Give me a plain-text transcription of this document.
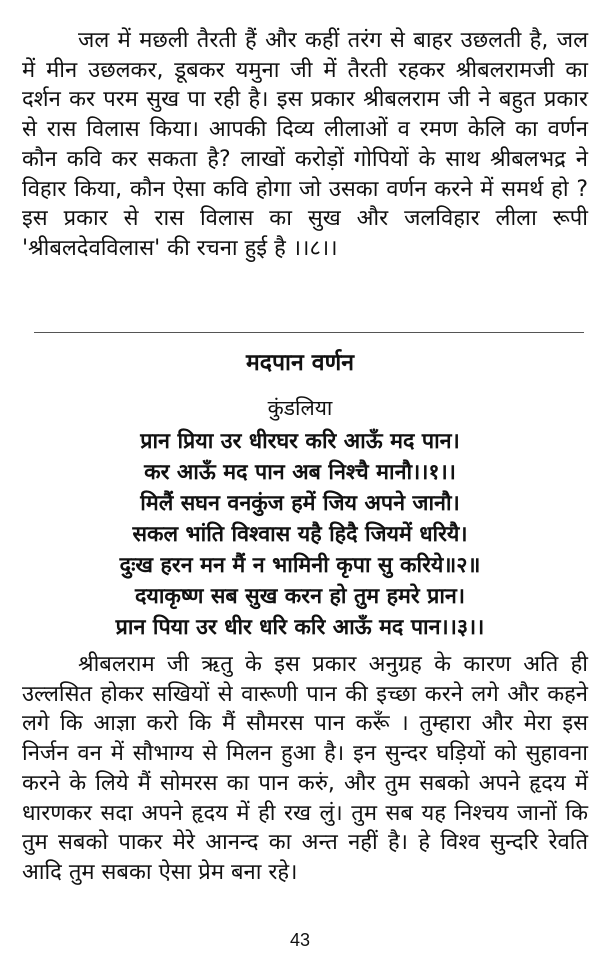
जल में मछली तैरती हैं और कहीं तरंग से बाहर उछलती है, जल में मीन उछलकर, डूबकर यमुना जी में तैरती रहकर श्रीबलरामजी का दर्शन कर परम सुख पा रही है। इस प्रकार श्रीबलराम जी ने बहुत प्रकार से रास विलास किया। आपकी दिव्य लीलाओं व रमण केलि का वर्णन कौन कवि कर सकता है? लाखों करोड़ों गोपियों के साथ श्रीबलभद्र ने विहार किया, कौन ऐसा कवि होगा जो उसका वर्णन करने में समर्थ हो ? इस प्रकार से रास विलास का सुख और जलविहार लीला रूपी 'श्रीबलदेवविलास' की रचना हुई है ।।८।।

मदपान वर्णन
कुंडलिया
प्रान प्रिया उर धीरघर करि आऊँ मद पान।
कर आऊँ मद पान अब निश्चै मानौ।।१।।
मिलैं सघन वनकुंज हमें जिय अपने जानौ।
सकल भांति विश्वास यहै हिदै जियमें धरियै।
दुःख हरन मन मैं न भामिनी कृपा सु करिये॥२॥
दयाकृष्ण सब सुख करन हो तुम हमरे प्रान।
प्रान पिया उर धीर धरि करि आऊँ मद पान।।३।।

श्रीबलराम जी ऋतु के इस प्रकार अनुग्रह के कारण अति ही उल्लसित होकर सखियों से वारूणी पान की इच्छा करने लगे और कहने लगे कि आज्ञा करो कि मैं सौमरस पान करूँ । तुम्हारा और मेरा इस निर्जन वन में सौभाग्य से मिलन हुआ है। इन सुन्दर घड़ियों को सुहावना करने के लिये मैं सोमरस का पान करुं, और तुम सबको अपने हृदय में धारणकर सदा अपने हृदय में ही रख लुं। तुम सब यह निश्चय जानों कि तुम सबको पाकर मेरे आनन्द का अन्त नहीं है। हे विश्व सुन्दरि रेवति आदि तुम सबका ऐसा प्रेम बना रहे।

43
